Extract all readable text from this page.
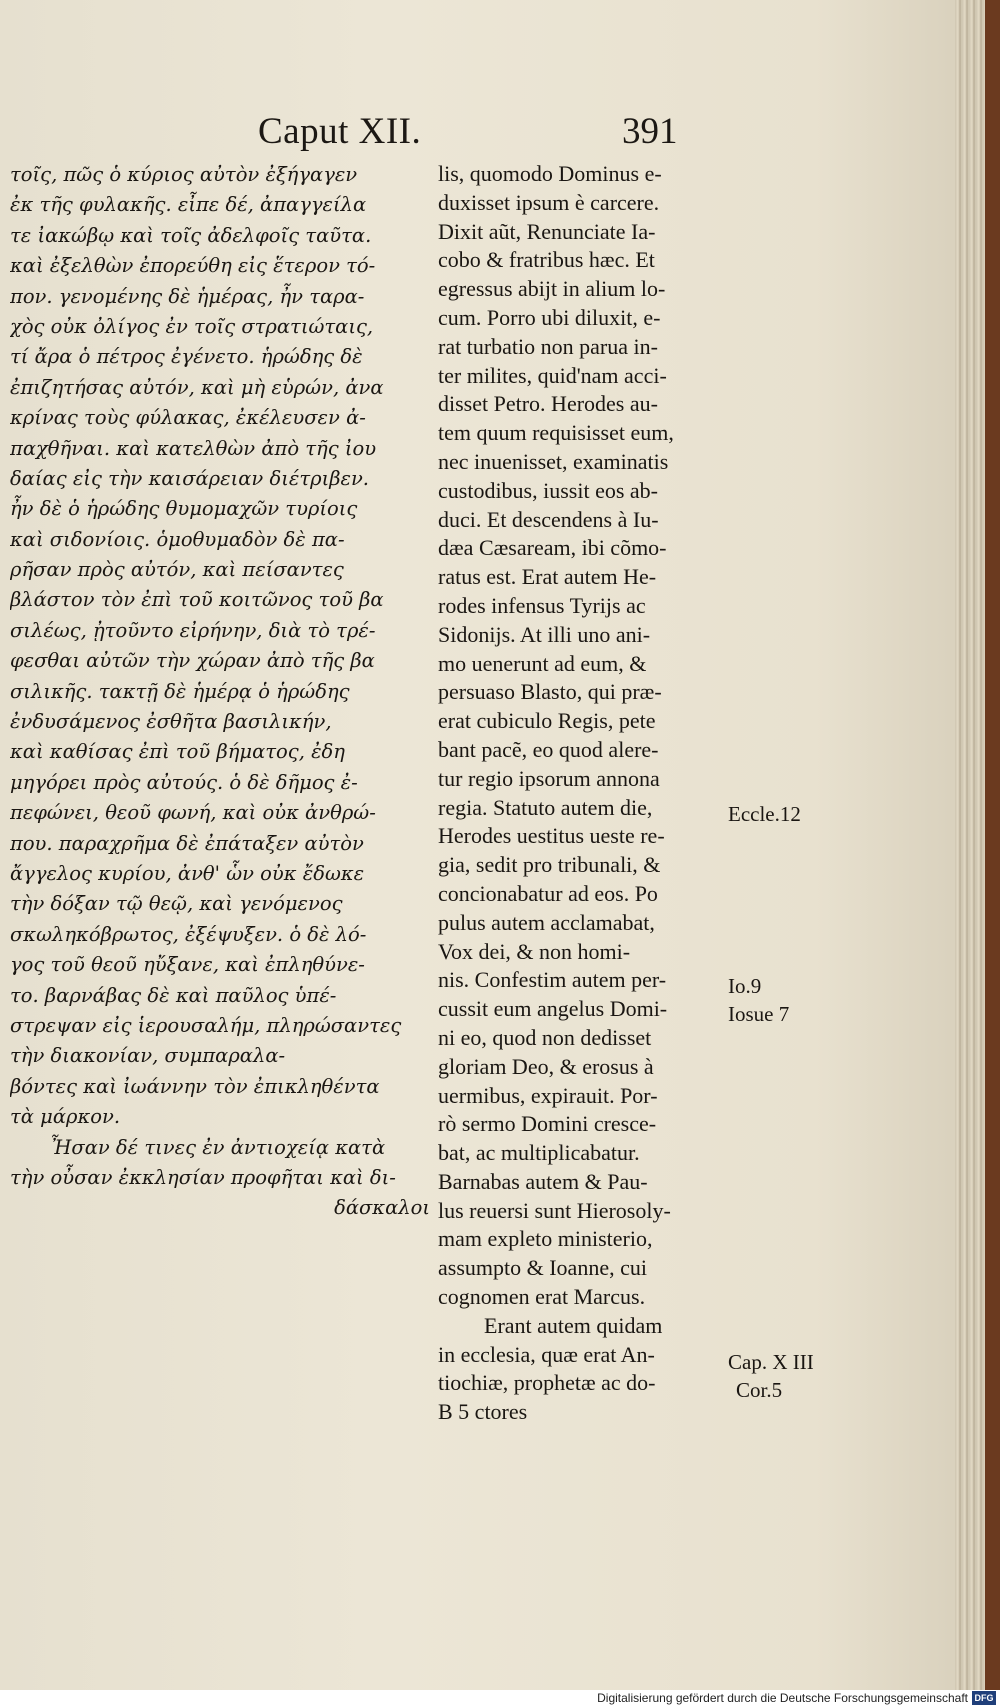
Caput XII.	391
τοῖς, πῶς ὁ κύριος αὐτὸν ἐξήγαγεν
ἐκ τῆς φυλακῆς. εἶπε δέ, ἀπαγγείλα
τε ἰακώβῳ καὶ τοῖς ἀδελφοῖς ταῦτα.
καὶ ἐξελθὼν ἐπορεύθη εἰς ἕτερον τό-
πον. γενομένης δὲ ἡμέρας, ἦν ταρα-
χὸς οὐκ ὀλίγος ἐν τοῖς στρατιώταις,
τί ἄρα ὁ πέτρος ἐγένετο. ἡρώδης δὲ
ἐπιζητήσας αὐτόν, καὶ μὴ εὑρών, ἀνα
κρίνας τοὺς φύλακας, ἐκέλευσεν ἀ-
παχθῆναι. καὶ κατελθὼν ἀπὸ τῆς ἰου
δαίας εἰς τὴν καισάρειαν διέτριβεν.
ἦν δὲ ὁ ἡρώδης θυμομαχῶν τυρίοις
καὶ σιδονίοις. ὁμοθυμαδὸν δὲ πα-
ρῆσαν πρὸς αὐτόν, καὶ πείσαντες
βλάστον τὸν ἐπὶ τοῦ κοιτῶνος τοῦ βα
σιλέως, ᾐτοῦντο εἰρήνην, διὰ τὸ τρέ-
φεσθαι αὐτῶν τὴν χώραν ἀπὸ τῆς βα
σιλικῆς. τακτῇ δὲ ἡμέρᾳ ὁ ἡρώδης
ἐνδυσάμενος ἐσθῆτα βασιλικήν,
καὶ καθίσας ἐπὶ τοῦ βήματος, ἐδη
μηγόρει πρὸς αὐτούς. ὁ δὲ δῆμος ἐ-
πεφώνει, θεοῦ φωνή, καὶ οὐκ ἀνθρώ-
που. παραχρῆμα δὲ ἐπάταξεν αὐτὸν
ἄγγελος κυρίου, ἀνθ' ὧν οὐκ ἔδωκε
τὴν δόξαν τῷ θεῷ, καὶ γενόμενος
σκωληκόβρωτος, ἐξέψυξεν. ὁ δὲ λό-
γος τοῦ θεοῦ ηὔξανε, καὶ ἐπληθύνε-
το. βαρνάβας δὲ καὶ παῦλος ὑπέ-
στρεψαν εἰς ἱερουσαλήμ, πληρώσαντες
τὴν διακονίαν, συμπαραλα-
βόντες καὶ ἰωάννην τὸν ἐπικληθέντα
τὰ μάρκον.
Ἦσαν δέ τινες ἐν ἀντιοχείᾳ κατὰ
τὴν οὖσαν ἐκκλησίαν προφῆται καὶ δι-
δάσκαλοι
lis, quomodo Dominus e-
duxisset ipsum è carcere.
Dixit aũt, Renunciate Ia-
cobo & fratribus hæc. Et
egressus abijt in alium lo-
cum. Porro ubi diluxit, e-
rat turbatio non parua in-
ter milites, quid'nam acci-
disset Petro. Herodes au-
tem quum requisisset eum,
nec inuenisset, examinatis
custodibus, iussit eos ab-
duci. Et descendens à Iu-
dæa Cæsaream, ibi cõmo-
ratus est. Erat autem He-
rodes infensus Tyrijs ac
Sidonijs. At illi uno ani-
mo uenerunt ad eum, &
persuaso Blasto, qui præ-
erat cubiculo Regis, pete
bant pacẽ, eo quod alere-
tur regio ipsorum annona
regia. Statuto autem die,
Herodes uestitus ueste re-
gia, sedit pro tribunali, &
concionabatur ad eos. Po
pulus autem acclamabat,
Vox dei, & non homi-
nis. Confestim autem per-
cussit eum angelus Domi-
ni eo, quod non dedisset
gloriam Deo, & erosus à
uermibus, expirauit. Por-
rò sermo Domini cresce-
bat, ac multiplicabatur.
Barnabas autem & Pau-
lus reuersi sunt Hierosoly-
mam expleto ministerio,
assumpto & Ioanne, cui
cognomen erat Marcus.
Erant autem quidam
in ecclesia, quæ erat An-
tiochiæ, prophetæ ac do-
B 5 ctores
Eccle.12
Io.9
Iosue 7
Cap. X III
Cor.5
Digitalisierung gefördert durch die Deutsche Forschungsgemeinschaft DFG
